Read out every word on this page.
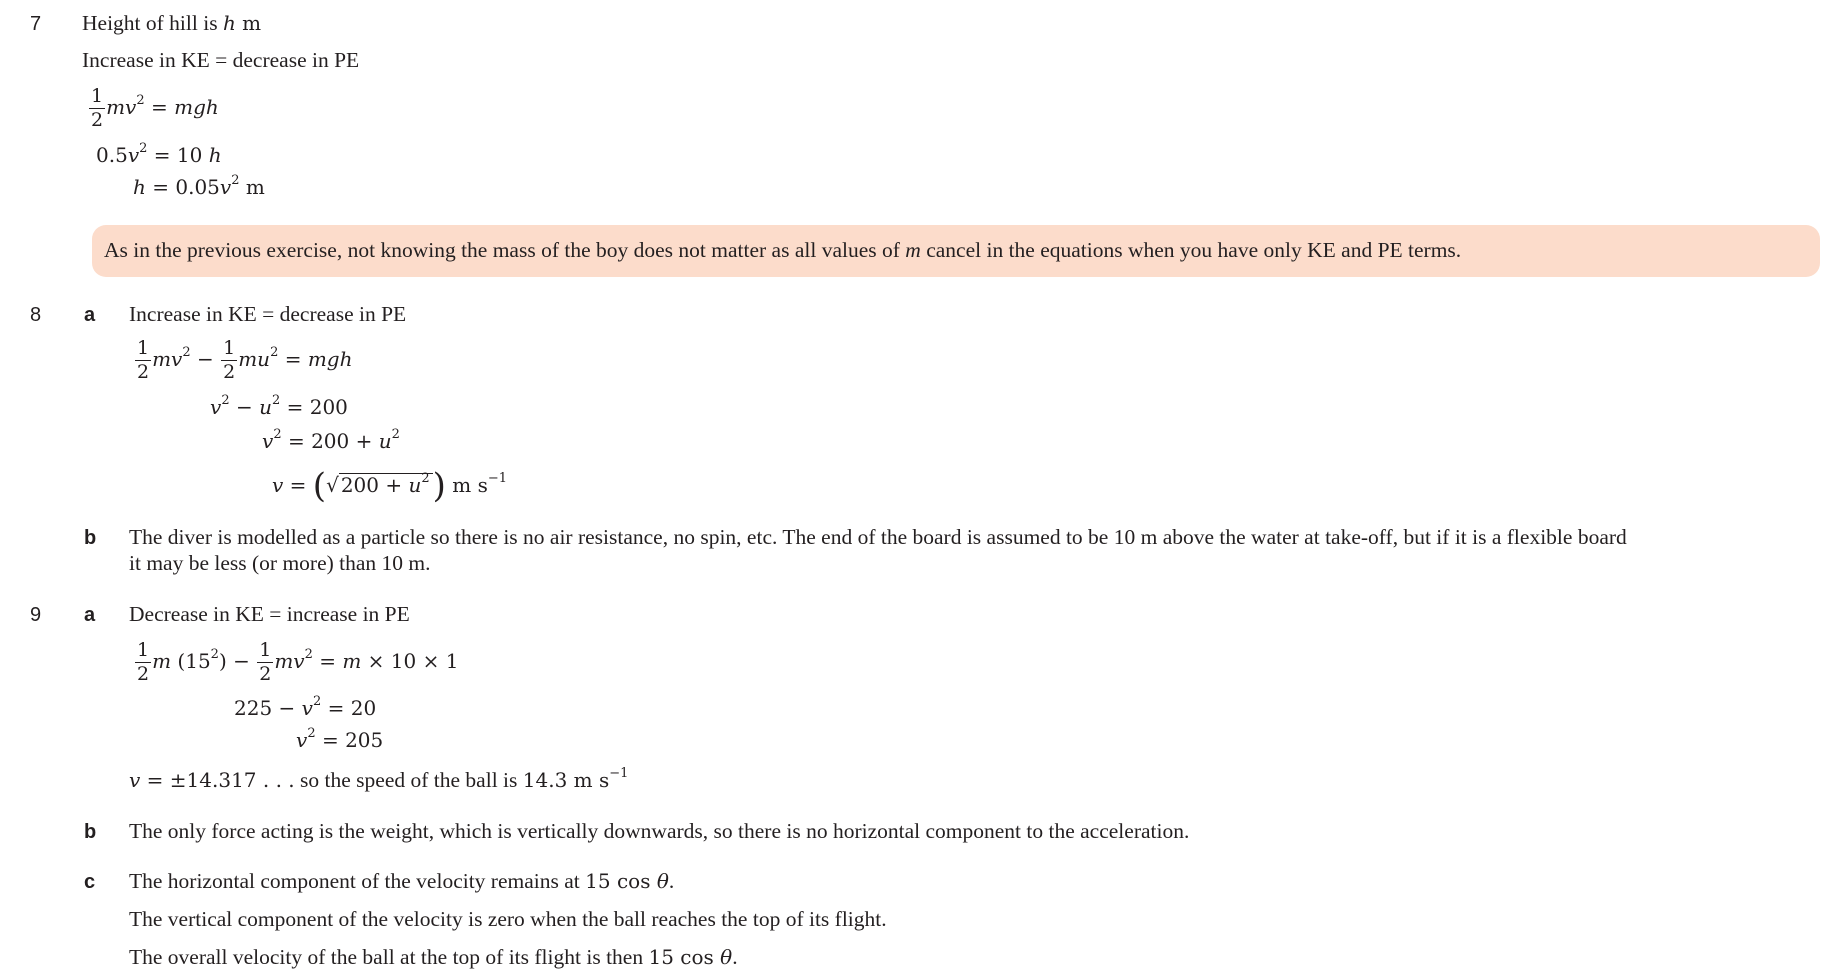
7 Height of hill is h m
Increase in KE = decrease in PE
$\frac{1}{2} mv^2$ = mgh
$0.5v^2 = 10$ h
$h = 0.05v^2$ m
As in the previous exercise, not knowing the mass of the boy does not matter as all values of m cancel in the equations when you have only KE and PE terms.
8 a Increase in KE = decrease in PE
$\frac{1}{2} mv^2 - \frac{1}{2} mu^2$ = mgh
$v^2 - u^2 = 200$
$v^2 = 200 + u^2$
v = (√ $200 + u^2$) m $s^{-1}$
b The diver is modelled as a particle so there is no air resistance, no spin, etc. The end of the board is assumed to be 10 m above the water at take-off, but if it is a flexible board
it may be less (or more) than 10 m.
9 a Decrease in KE = increase in PE
$\frac{1}{2}$ m $(15^2) - \frac{1}{2} mv^2 = m \times 10 \times 1$
$225 - v^2 = 20$
$v^2 = 205$
v = ±14.317 . . . so the speed of the ball is 14.3 m $s^{-1}$
b The only force acting is the weight, which is vertically downwards, so there is no horizontal component to the acceleration.
c The horizontal component of the velocity remains at 15 cos θ.
The vertical component of the velocity is zero when the ball reaches the top of its flight.
The overall velocity of the ball at the top of its flight is then 15 cos θ.
